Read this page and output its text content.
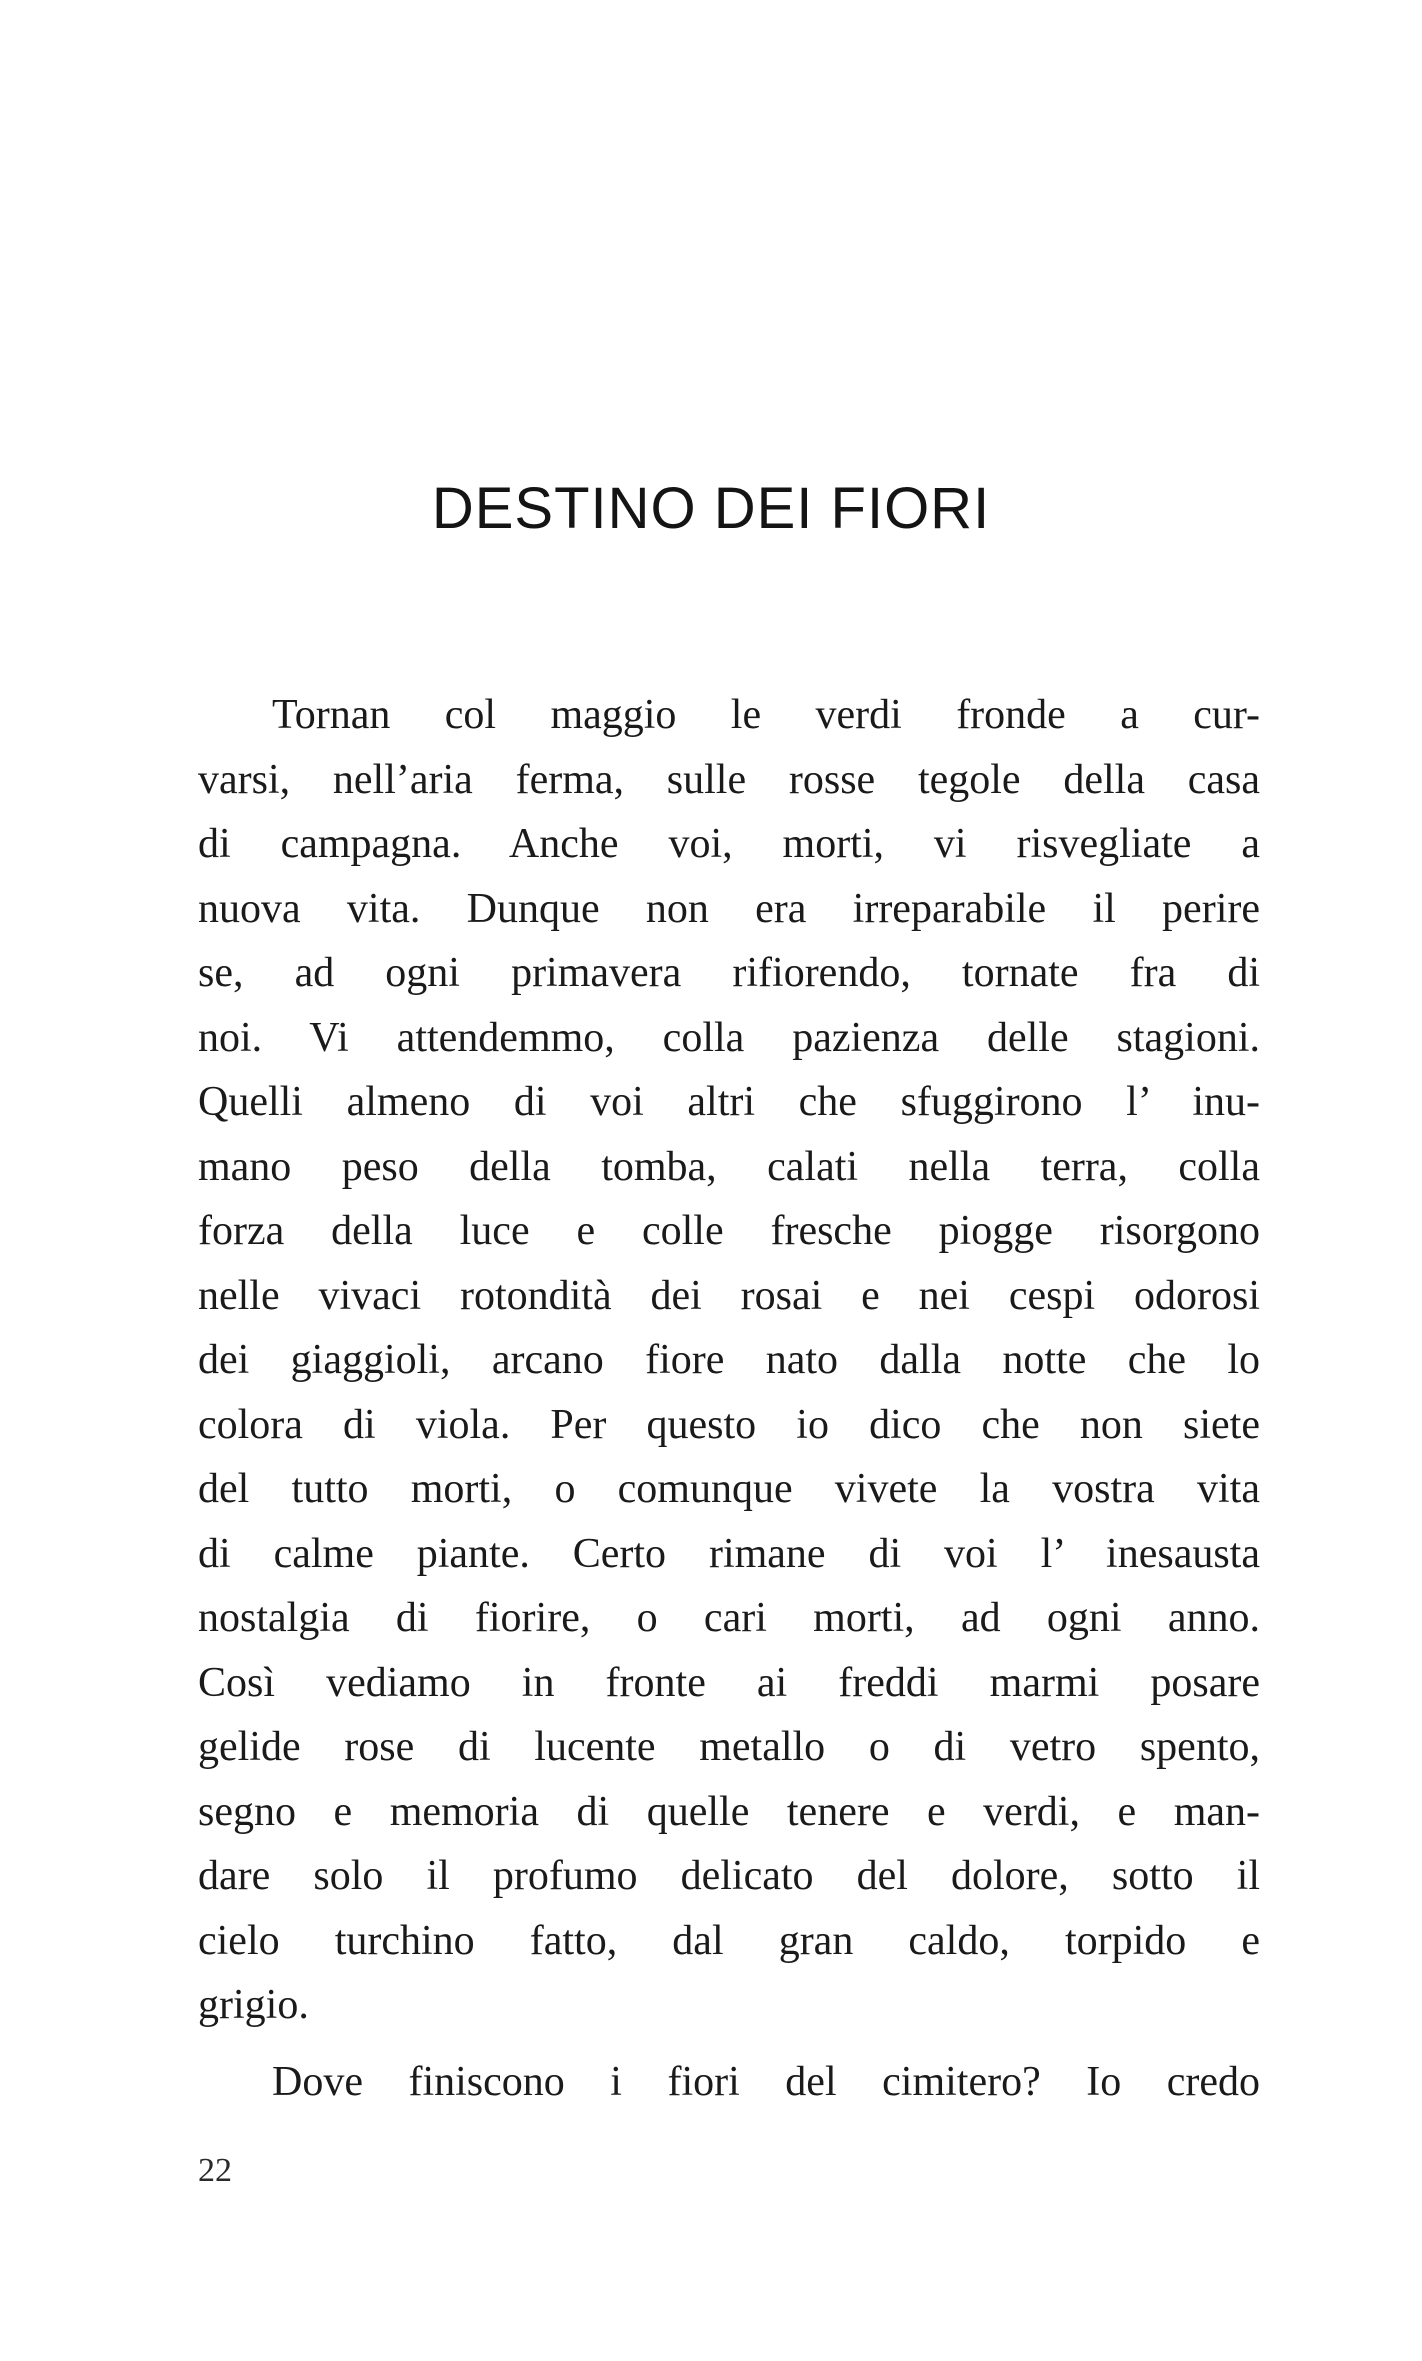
DESTINO DEI FIORI
Tornan col maggio le verdi fronde a cur-
varsi, nell’aria ferma, sulle rosse tegole della casa
di campagna. Anche voi, morti, vi risvegliate a
nuova vita. Dunque non era irreparabile il perire
se, ad ogni primavera rifiorendo, tornate fra di
noi. Vi attendemmo, colla pazienza delle stagioni.
Quelli almeno di voi altri che sfuggirono l’ inu-
mano peso della tomba, calati nella terra, colla
forza della luce e colle fresche piogge risorgono
nelle vivaci rotondità dei rosai e nei cespi odorosi
dei giaggioli, arcano fiore nato dalla notte che lo
colora di viola. Per questo io dico che non siete
del tutto morti, o comunque vivete la vostra vita
di calme piante. Certo rimane di voi l’ inesausta
nostalgia di fiorire, o cari morti, ad ogni anno.
Così vediamo in fronte ai freddi marmi posare
gelide rose di lucente metallo o di vetro spento,
segno e memoria di quelle tenere e verdi, e man-
dare solo il profumo delicato del dolore, sotto il
cielo turchino fatto, dal gran caldo, torpido e
grigio.
Dove finiscono i fiori del cimitero? Io credo
22
